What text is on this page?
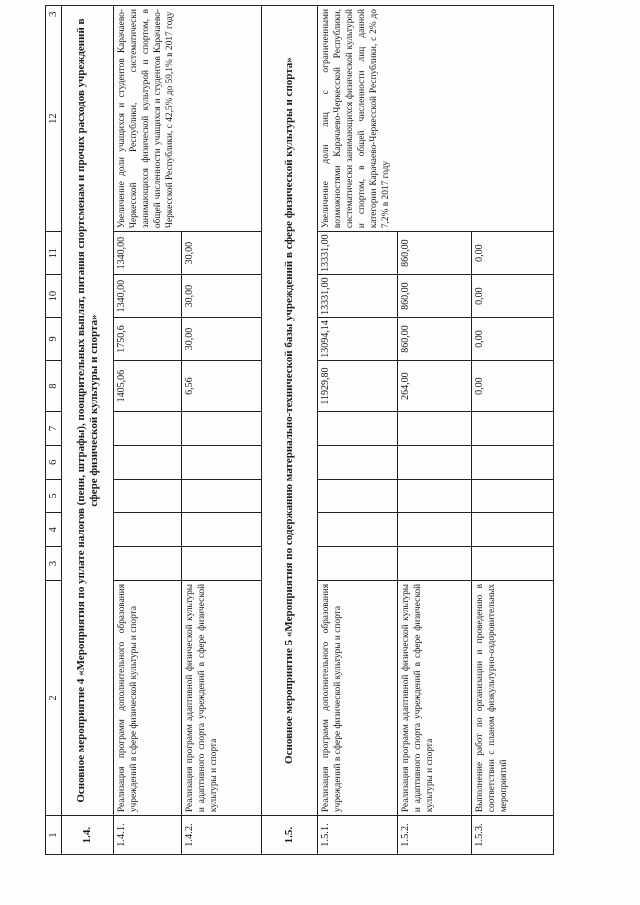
3
1	2	3	4	5	6	7	8	9	10	11	12
1.4.	Основное мероприятие 4 «Мероприятия по уплате налогов (пени, штрафы), поощрительных выплат, питания спортсменам и прочих расходов учреждений в сфере физической культуры и спорта»										
1.4.1.	Реализация программ дополнительного образования учреждений в сфере физической культуры и спорта						1405,06	1750,6	1340,00	1340,00	Увеличение доли учащихся и студентов Карачаево-Черкесской Республики, систематически занимающихся физической культурой и спортом, в общей численности учащихся и студентов Карачаево-Черкесской Республики, с 42,5% до 59,1% в 2017 году
1.4.2.	Реализация программ адаптивной физической культуры и адаптивного спорта учреждений в сфере физической культуры и спорта						6,56	30,00	30,00	30,00	
1.5.	Основное мероприятие 5 «Мероприятия по содержанию материально-технической базы учреждений в сфере физической культуры и спорта»										
1.5.1.	Реализация программ дополнительного образования учреждений в сфере физической культуры и спорта						11929,80	13094,14	13331,00	13331,00	Увеличение доли лиц с ограниченными возможностями Карачаево-Черкесской Республики, систематически занимающихся физической культурой и спортом, в общей численности лиц данной категории Карачаево-Черкесской Республики, с 2% до 7,2% в 2017 году
1.5.2.	Реализация программ адаптивной физической культуры и адаптивного спорта учреждений в сфере физической культуры и спорта						264,00	860,00	860,00	860,00	
1.5.3.	Выполнение работ по организации и проведению в соответствии с планом физкультурно-оздоровительных мероприятий						0,00	0,00	0,00	0,00	
